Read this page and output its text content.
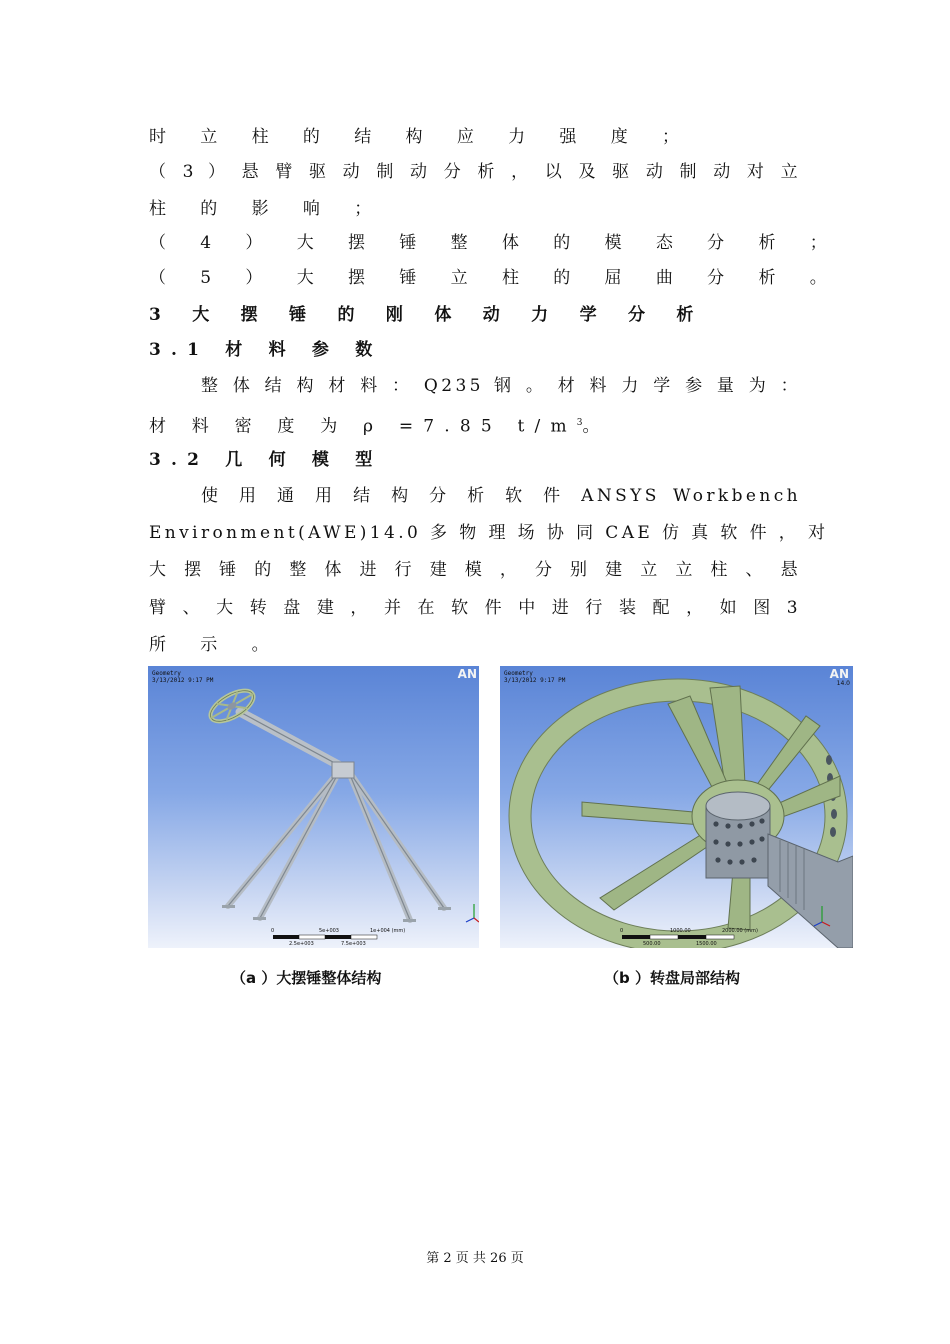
时 立 柱 的 结 构 应 力 强 度 ；
（ 3 ） 悬 臂 驱 动 制 动 分 析 ， 以 及 驱 动 制 动 对 立
柱 的 影 响 ；
（ 4 ） 大 摆 锤 整 体 的 模 态 分 析 ；
（ 5 ） 大 摆 锤 立 柱 的 屈 曲 分 析 。
3 大 摆 锤 的 刚 体 动 力 学 分 析
3.1 材 料 参 数
整 体 结 构 材 料 ： Q235 钢 。 材 料 力 学 参 量 为 ：
材 料 密 度 为 ρ =7.85 $t/m^3$。
3.2 几 何 模 型
使 用 通 用 结 构 分 析 软 件 ANSYS Workbench
Environment(AWE)14.0 多 物 理 场 协 同 CAE 仿 真 软 件 ， 对
大 摆 锤 的 整 体 进 行 建 模 ， 分 别 建 立 立 柱 、 悬
臂 、 大 转 盘 建 ， 并 在 软 件 中 进 行 装 配 ， 如 图 3
所 示 。
Geometry
3/13/2012 9:17 PM	AN
0	5e+003	1e+004 (mm)
2.5e+003	7.5e+003
Geometry
3/13/2012 9:17 PM	AN
14.0
0	1000.00	2000.00 (mm)
500.00	1500.00
（a ）大摆锤整体结构	（b ）转盘局部结构
第 2 页 共 26 页
